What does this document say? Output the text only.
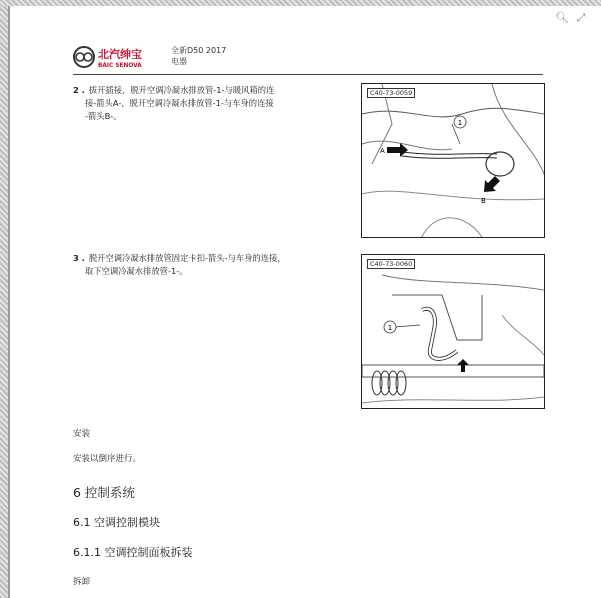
🔍︎ ⤢
北汽绅宝
BAIC SENOVA
全新D50 2017
电器
2 . 拔开插接，脱开空调冷凝水排放管-1-与暖风箱的连
接-箭头A-，脱开空调冷凝水排放管-1-与车身的连接
-箭头B-。
1
A
B
C40-73-0059
3 . 脱开空调冷凝水排放管固定卡扣-箭头-与车身的连接，
取下空调冷凝水排放管-1-。
1
C40-73-0060
安装
安装以倒序进行。
6 控制系统
6.1 空调控制模块
6.1.1 空调控制面板拆装
拆卸
